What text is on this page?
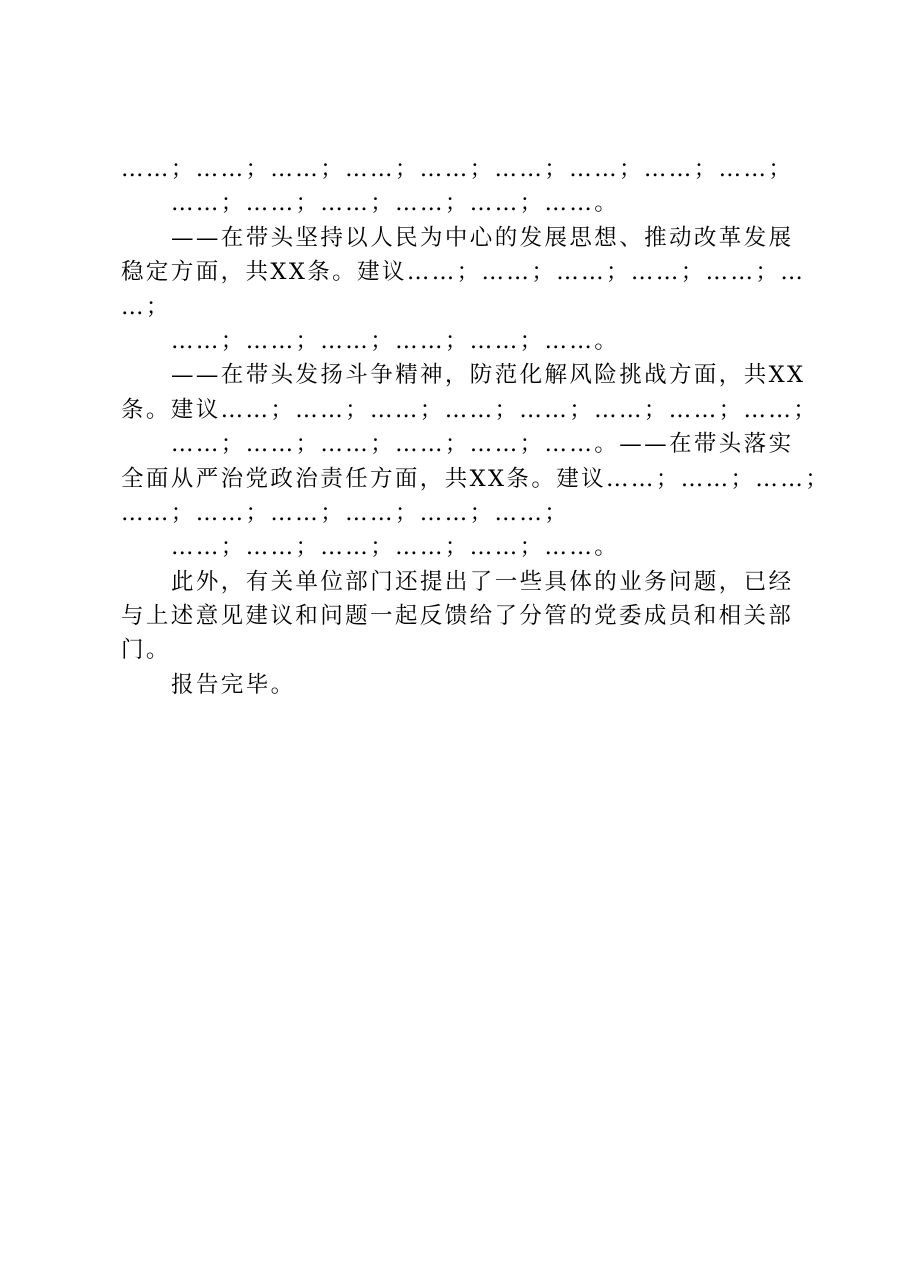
……；……；……；……；……；……；……；……；……；
……；……；……；……；……；……。
——在带头坚持以人民为中心的发展思想、推动改革发展
稳定方面，共XX条。建议……；……；……；……；……；…
…；
……；……；……；……；……；……。
——在带头发扬斗争精神，防范化解风险挑战方面，共XX
条。建议……；……；……；……；……；……；……；……；
……；……；……；……；……；……。——在带头落实
全面从严治党政治责任方面，共XX条。建议……；……；……；
……；……；……；……；……；……；
……；……；……；……；……；……。
此外，有关单位部门还提出了一些具体的业务问题，已经
与上述意见建议和问题一起反馈给了分管的党委成员和相关部
门。
报告完毕。
